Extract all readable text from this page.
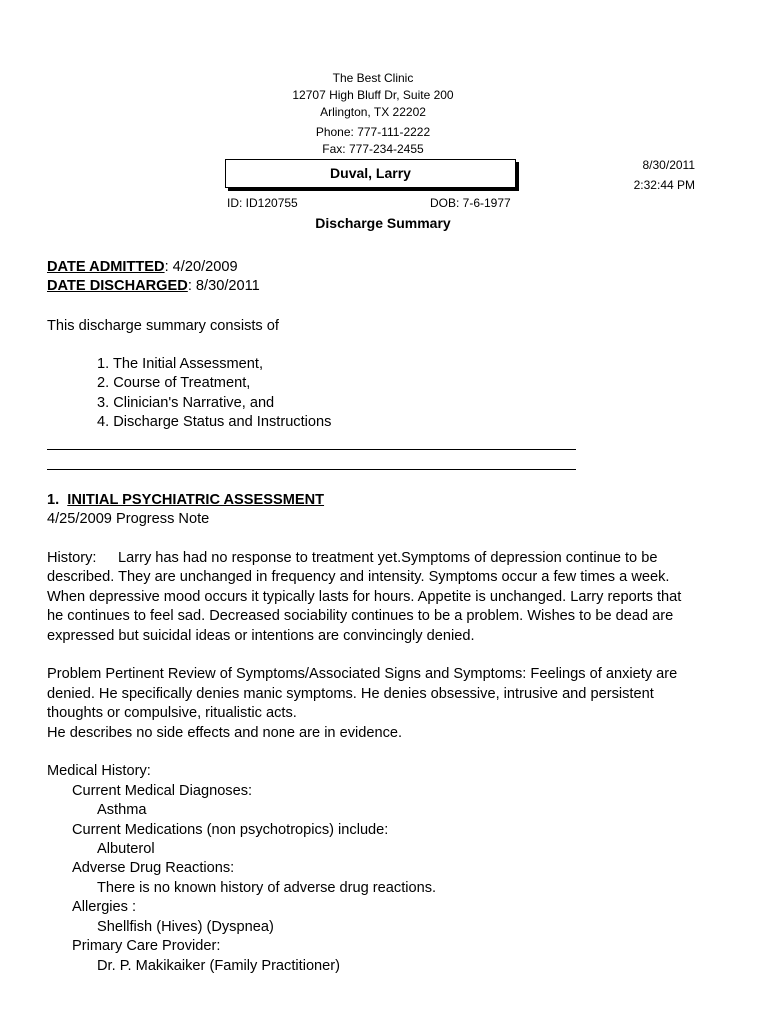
The Best Clinic
12707 High Bluff Dr, Suite 200
Arlington, TX 22202
Phone: 777-111-2222
Fax: 777-234-2455
Duval, Larry	8/30/2011
2:32:44 PM
ID: ID120755	DOB: 7-6-1977
Discharge Summary
DATE ADMITTED: 4/20/2009
DATE DISCHARGED: 8/30/2011
This discharge summary consists of
1. The Initial Assessment,
2. Course of Treatment,
3. Clinician's Narrative, and
4. Discharge Status and Instructions
1. INITIAL PSYCHIATRIC ASSESSMENT
4/25/2009 Progress Note
History: Larry has had no response to treatment yet.Symptoms of depression continue to be
described. They are unchanged in frequency and intensity. Symptoms occur a few times a week.
When depressive mood occurs it typically lasts for hours. Appetite is unchanged. Larry reports that
he continues to feel sad. Decreased sociability continues to be a problem. Wishes to be dead are
expressed but suicidal ideas or intentions are convincingly denied.
Problem Pertinent Review of Symptoms/Associated Signs and Symptoms: Feelings of anxiety are
denied. He specifically denies manic symptoms. He denies obsessive, intrusive and persistent
thoughts or compulsive, ritualistic acts.
He describes no side effects and none are in evidence.
Medical History:
Current Medical Diagnoses:
Asthma
Current Medications (non psychotropics) include:
Albuterol
Adverse Drug Reactions:
There is no known history of adverse drug reactions.
Allergies :
Shellfish (Hives) (Dyspnea)
Primary Care Provider:
Dr. P. Makikaiker (Family Practitioner)
